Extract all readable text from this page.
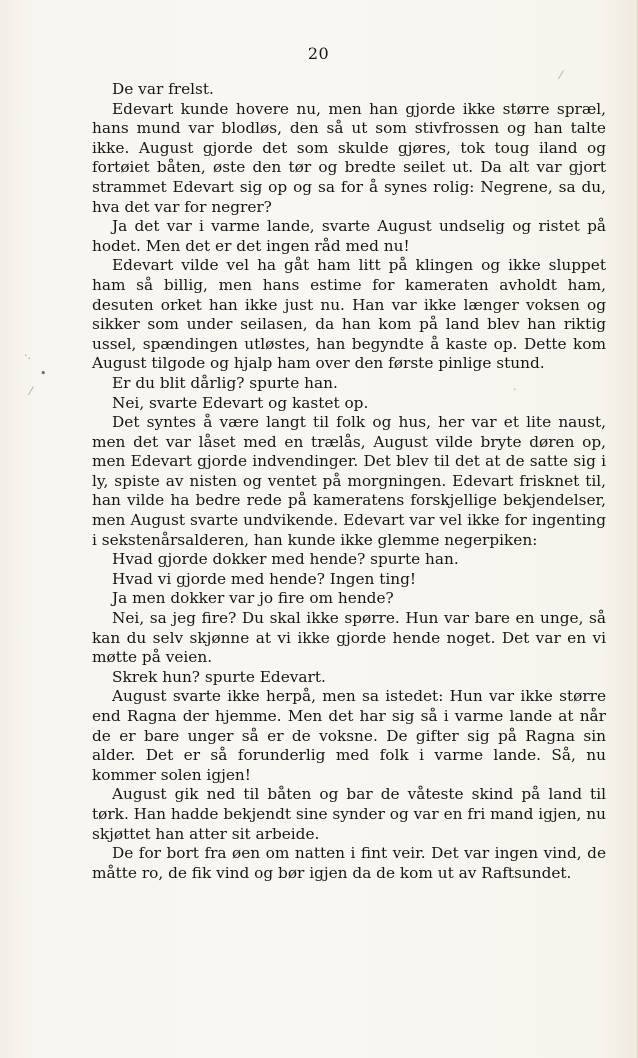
20
⁄
·.
•
⁄	·

De var frelst.

Edevart kunde hovere nu, men han gjorde ikke større spræl, hans mund var blodløs, den så ut som stivfrossen og han talte ikke. August gjorde det som skulde gjøres, tok toug iland og fortøiet båten, øste den tør og bredte seilet ut. Da alt var gjort strammet Edevart sig op og sa for å synes rolig: Negrene, sa du, hva det var for negrer?

Ja det var i varme lande, svarte August undselig og ristet på hodet. Men det er det ingen råd med nu!

Edevart vilde vel ha gåt ham litt på klingen og ikke sluppet ham så billig, men hans estime for kameraten avholdt ham, desuten orket han ikke just nu. Han var ikke længer voksen og sikker som under seilasen, da han kom på land blev han riktig ussel, spændingen utløstes, han begyndte å kaste op. Dette kom August tilgode og hjalp ham over den første pinlige stund.

Er du blit dårlig? spurte han.

Nei, svarte Edevart og kastet op.

Det syntes å være langt til folk og hus, her var et lite naust, men det var låset med en trælås, August vilde bryte døren op, men Edevart gjorde indvendinger. Det blev til det at de satte sig i ly, spiste av nisten og ventet på morgningen. Edevart frisknet til, han vilde ha bedre rede på kameratens forskjellige bekjendelser, men August svarte undvikende. Edevart var vel ikke for ingenting i sekstenårsalderen, han kunde ikke glemme negerpiken:

Hvad gjorde dokker med hende? spurte han.

Hvad vi gjorde med hende? Ingen ting!

Ja men dokker var jo fire om hende?

Nei, sa jeg fire? Du skal ikke spørre. Hun var bare en unge, så kan du selv skjønne at vi ikke gjorde hende noget. Det var en vi møtte på veien.

Skrek hun? spurte Edevart.

August svarte ikke herpå, men sa istedet: Hun var ikke større end Ragna der hjemme. Men det har sig så i varme lande at når de er bare unger så er de voksne. De gifter sig på Ragna sin alder. Det er så forunderlig med folk i varme lande. Så, nu kommer solen igjen!

August gik ned til båten og bar de våteste skind på land til tørk. Han hadde bekjendt sine synder og var en fri mand igjen, nu skjøttet han atter sit arbeide.

De for bort fra øen om natten i fint veir. Det var ingen vind, de måtte ro, de fik vind og bør igjen da de kom ut av Raftsundet.
